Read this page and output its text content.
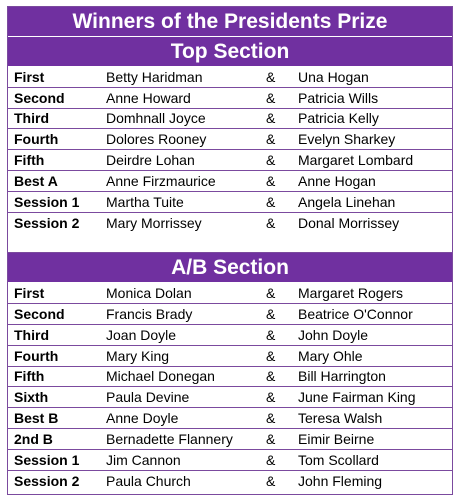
Winners of the Presidents Prize
Top Section
First	Betty Haridman	&	Una Hogan
Second	Anne Howard	&	Patricia Wills
Third	Domhnall Joyce	&	Patricia Kelly
Fourth	Dolores Rooney	&	Evelyn Sharkey
Fifth	Deirdre Lohan	&	Margaret Lombard
Best A	Anne Firzmaurice	&	Anne Hogan
Session 1	Martha Tuite	&	Angela Linehan
Session 2	Mary Morrissey	&	Donal Morrissey
A/B Section
First	Monica Dolan	&	Margaret Rogers
Second	Francis Brady	&	Beatrice O'Connor
Third	Joan Doyle	&	John Doyle
Fourth	Mary King	&	Mary Ohle
Fifth	Michael Donegan	&	Bill Harrington
Sixth	Paula Devine	&	June Fairman King
Best B	Anne Doyle	&	Teresa Walsh
2nd B	Bernadette Flannery	&	Eimir Beirne
Session 1	Jim Cannon	&	Tom Scollard
Session 2	Paula Church	&	John Fleming
